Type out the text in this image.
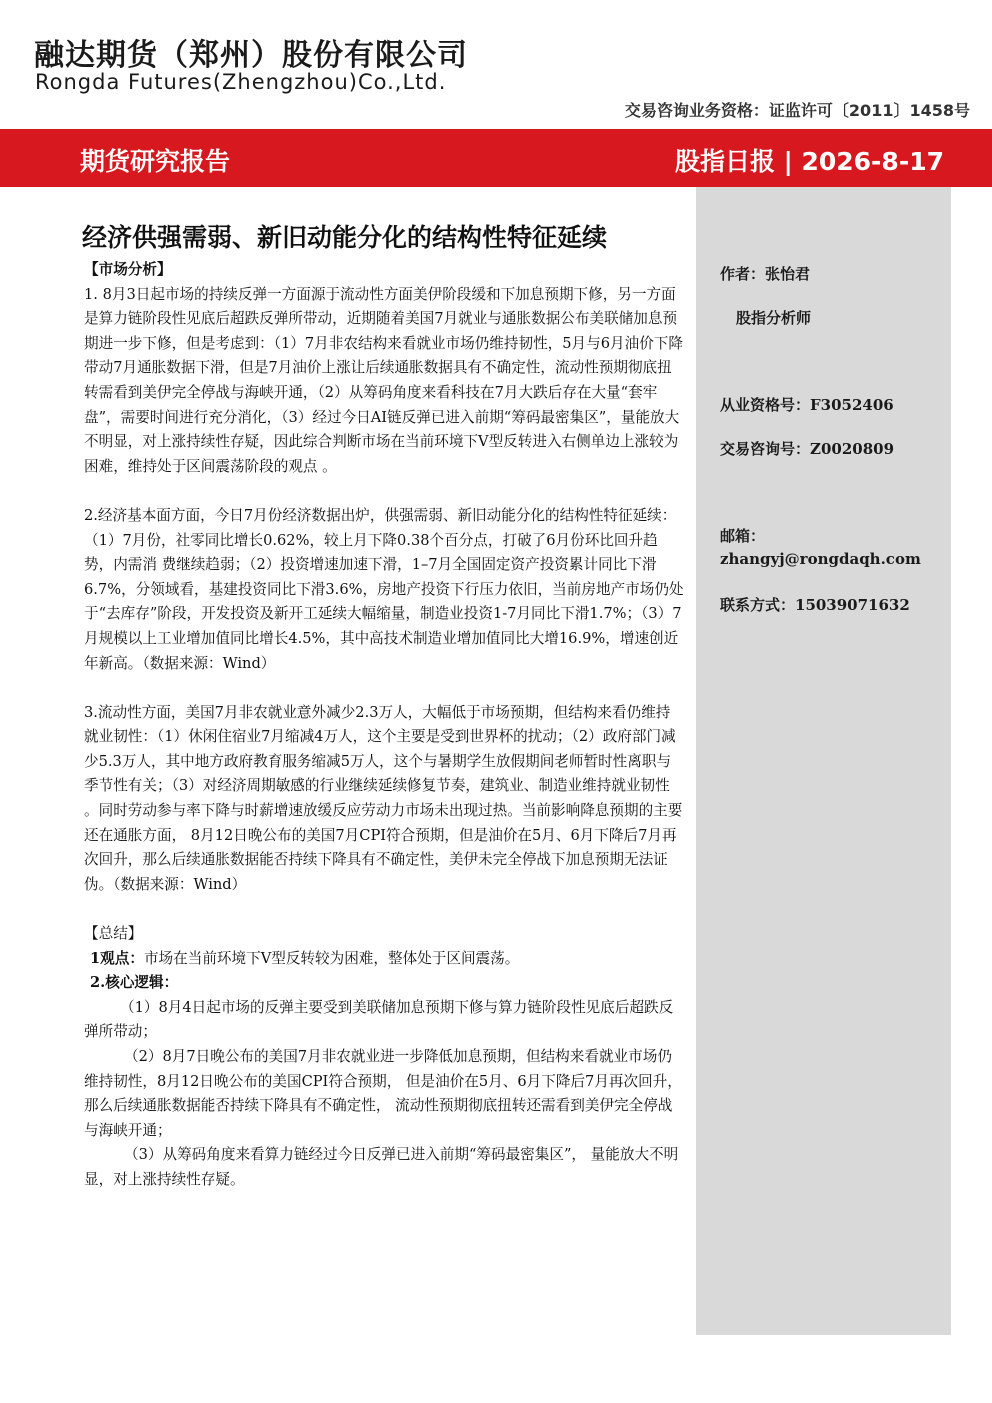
融达期货（郑州）股份有限公司
Rongda Futures(Zhengzhou)Co.,Ltd.
交易咨询业务资格：证监许可〔2011〕1458号
期货研究报告	股指日报 | 2026-8-17
作者：张怡君
股指分析师
从业资格号：F3052406
交易咨询号：Z0020809
邮箱：
zhangyj@rongdaqh.com
联系方式：15039071632
经济供强需弱、新旧动能分化的结构性特征延续

【市场分析】

1. 8月3日起市场的持续反弹一方面源于流动性方面美伊阶段缓和下加息预期下修，另一方面是算力链阶段性见底后超跌反弹所带动，近期随着美国7月就业与通胀数据公布美联储加息预期进一步下修，但是考虑到：（1）7月非农结构来看就业市场仍维持韧性，5月与6月油价下降带动7月通胀数据下滑，但是7月油价上涨让后续通胀数据具有不确定性，流动性预期彻底扭转需看到美伊完全停战与海峡开通，（2）从筹码角度来看科技在7月大跌后存在大量“套牢盘”，需要时间进行充分消化，（3）经过今日AI链反弹已进入前期“筹码最密集区”，量能放大不明显，对上涨持续性存疑，因此综合判断市场在当前环境下V型反转进入右侧单边上涨较为困难，维持处于区间震荡阶段的观点 。

2.经济基本面方面，今日7月份经济数据出炉，供强需弱、新旧动能分化的结构性特征延续：（1）7月份，社零同比增长0.62%，较上月下降0.38个百分点，打破了6月份环比回升趋势，内需消 费继续趋弱；（2）投资增速加速下滑，1–7月全国固定资产投资累计同比下滑6.7%，分领域看，基建投资同比下滑3.6%，房地产投资下行压力依旧，当前房地产市场仍处于“去库存”阶段，开发投资及新开工延续大幅缩量，制造业投资1-7月同比下滑1.7%；（3）7月规模以上工业增加值同比增长4.5%，其中高技术制造业增加值同比大增16.9%，增速创近年新高。（数据来源：Wind）

3.流动性方面，美国7月非农就业意外减少2.3万人，大幅低于市场预期，但结构来看仍维持就业韧性：（1）休闲住宿业7月缩减4万人，这个主要是受到世界杯的扰动；（2）政府部门减少5.3万人，其中地方政府教育服务缩减5万人，这个与暑期学生放假期间老师暂时性离职与季节性有关；（3）对经济周期敏感的行业继续延续修复节奏，建筑业、制造业维持就业韧性 。同时劳动参与率下降与时薪增速放缓反应劳动力市场未出现过热。当前影响降息预期的主要还在通胀方面， 8月12日晚公布的美国7月CPI符合预期，但是油价在5月、6月下降后7月再次回升，那么后续通胀数据能否持续下降具有不确定性，美伊未完全停战下加息预期无法证伪。（数据来源：Wind）

【总结】

1观点：市场在当前环境下V型反转较为困难，整体处于区间震荡。

2.核心逻辑：

（1）8月4日起市场的反弹主要受到美联储加息预期下修与算力链阶段性见底后超跌反弹所带动；

（2）8月7日晚公布的美国7月非农就业进一步降低加息预期，但结构来看就业市场仍维持韧性，8月12日晚公布的美国CPI符合预期， 但是油价在5月、6月下降后7月再次回升，那么后续通胀数据能否持续下降具有不确定性， 流动性预期彻底扭转还需看到美伊完全停战与海峡开通；

（3）从筹码角度来看算力链经过今日反弹已进入前期“筹码最密集区”， 量能放大不明显，对上涨持续性存疑。
